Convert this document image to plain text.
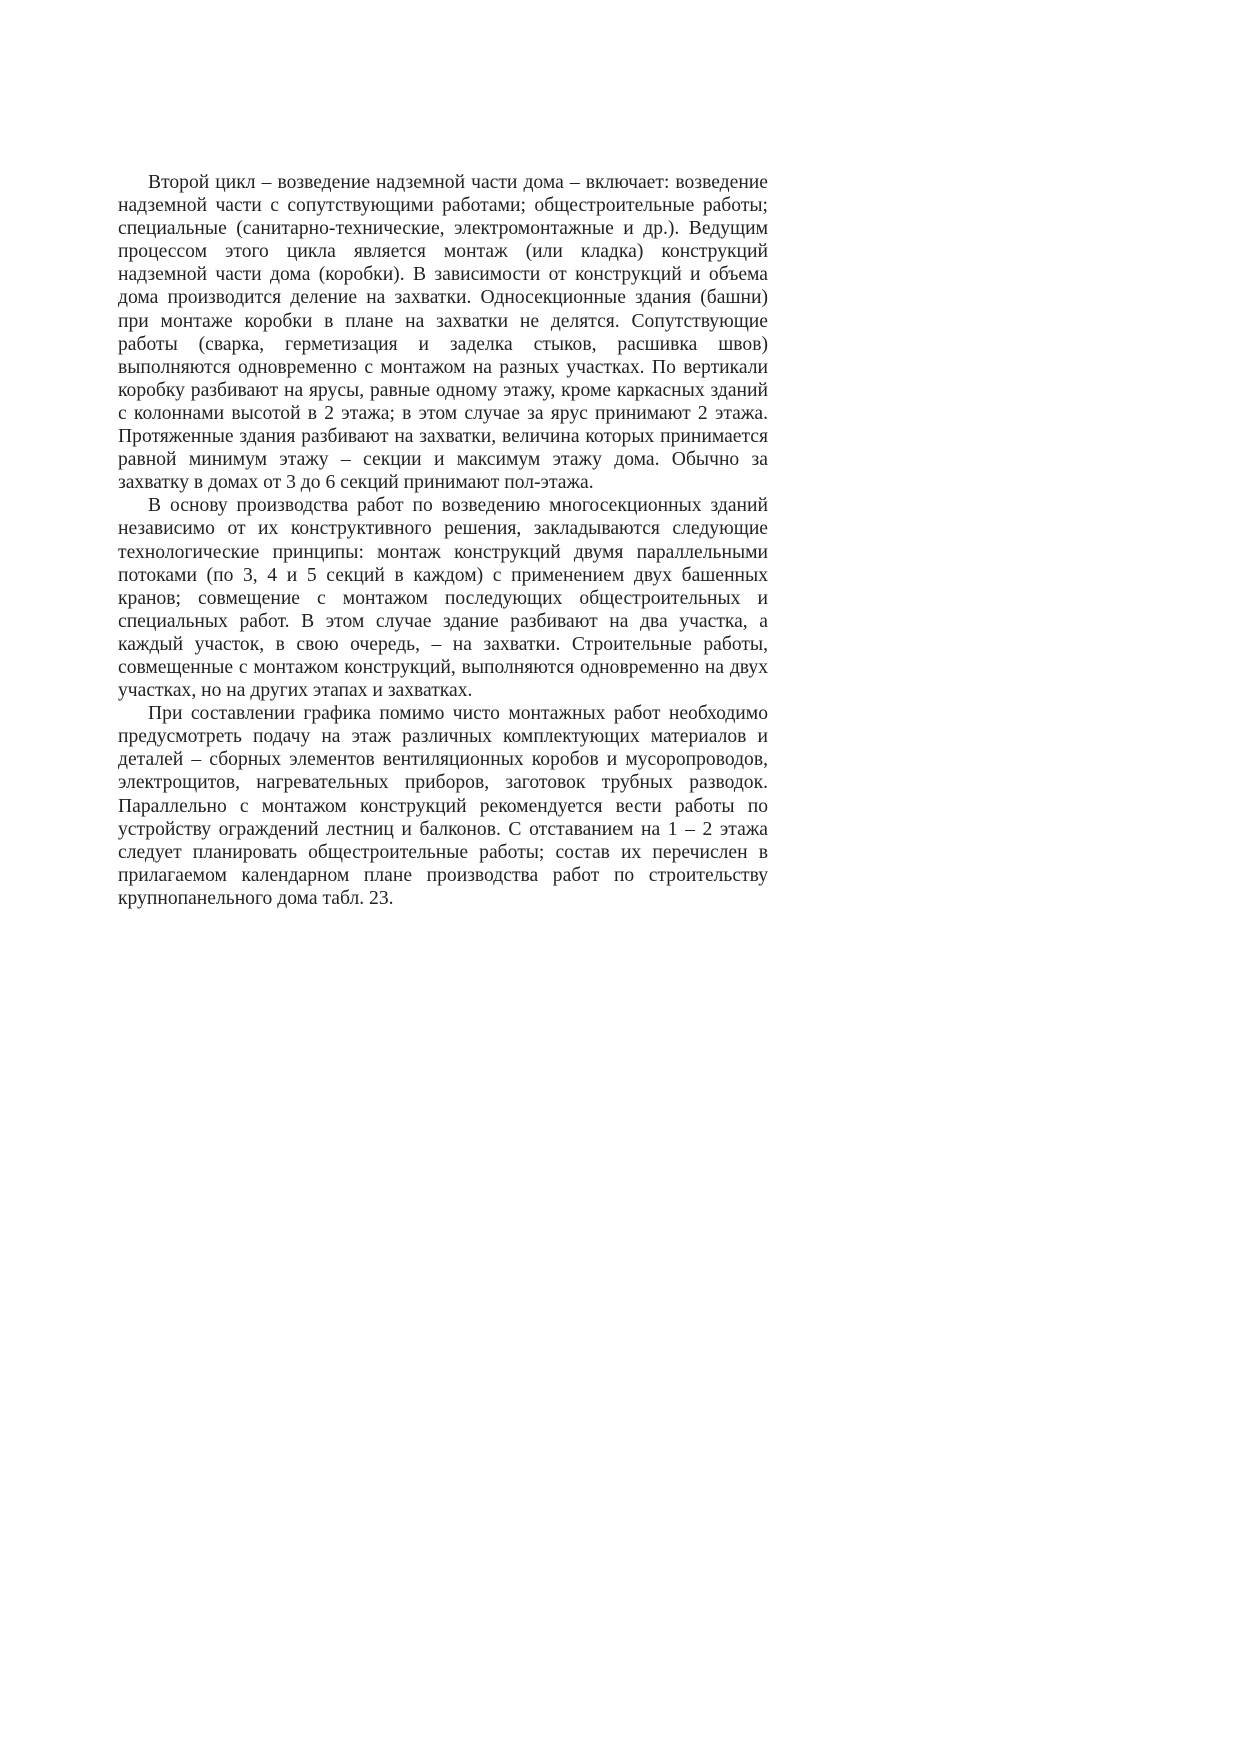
Второй цикл – возведение надземной части дома – включает: возведение надземной части с сопутствующими работами; общестроительные работы; специальные (санитарно-технические, электромонтажные и др.). Ведущим процессом этого цикла является монтаж (или кладка) конструкций надземной части дома (коробки). В зависимости от конструкций и объема дома производится деление на захватки. Односекционные здания (башни) при монтаже коробки в плане на захватки не делятся. Сопутствующие работы (сварка, герметизация и заделка стыков, расшивка швов) выполняются одновременно с монтажом на разных участках. По вертикали коробку разбивают на ярусы, равные одному этажу, кроме каркасных зданий с колоннами высотой в 2 этажа; в этом случае за ярус принимают 2 этажа. Протяженные здания разбивают на захватки, величина которых принимается равной минимум этажу – секции и максимум этажу дома. Обычно за захватку в домах от 3 до 6 секций принимают пол-этажа.

В основу производства работ по возведению многосекционных зданий независимо от их конструктивного решения, закладываются следующие технологические принципы: монтаж конструкций двумя параллельными потоками (по 3, 4 и 5 секций в каждом) с применением двух башенных кранов; совмещение с монтажом последующих общестроительных и специальных работ. В этом случае здание разбивают на два участка, а каждый участок, в свою очередь, – на захватки. Строительные работы, совмещенные с монтажом конструкций, выполняются одновременно на двух участках, но на других этапах и захватках.

При составлении графика помимо чисто монтажных работ необходимо предусмотреть подачу на этаж различных комплектующих материалов и деталей – сборных элементов вентиляционных коробов и мусоропроводов, электрощитов, нагревательных приборов, заготовок трубных разводок. Параллельно с монтажом конструкций рекомендуется вести работы по устройству ограждений лестниц и балконов. С отставанием на 1 – 2 этажа следует планировать общестроительные работы; состав их перечислен в прилагаемом календарном плане производства работ по строительству крупнопанельного дома табл. 23.
